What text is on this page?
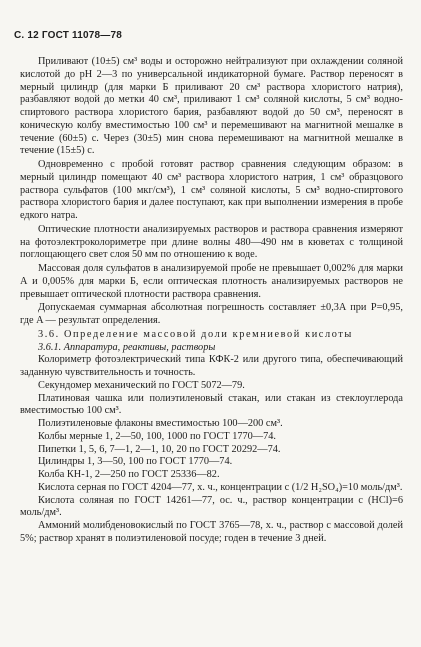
С. 12 ГОСТ 11078—78

Приливают (10±5) см³ воды и осторожно нейтрализуют при охлаждении соляной кислотой до рН 2—3 по универсальной индикаторной бумаге. Раствор переносят в мерный цилиндр (для марки Б приливают 20 см³ раствора хлористого натрия), разбавляют водой до метки 40 см³, приливают 1 см³ соляной кислоты, 5 см³ водно-спиртового раствора хлористого бария, разбавляют водой до 50 см³, переносят в коническую колбу вместимостью 100 см³ и перемешивают на магнитной мешалке в течение (60±5) с. Через (30±5) мин снова перемешивают на магнитной мешалке в течение (15±5) с.

Одновременно с пробой готовят раствор сравнения следующим образом: в мерный цилиндр помещают 40 см³ раствора хлористого натрия, 1 см³ образцового раствора сульфатов (100 мкг/см³), 1 см³ соляной кислоты, 5 см³ водно-спиртового раствора хлористого бария и далее поступают, как при выполнении измерения в пробе едкого натра.

Оптические плотности анализируемых растворов и раствора сравнения измеряют на фотоэлектроколориметре при длине волны 480—490 нм в кюветах с толщиной поглощающего свет слоя 50 мм по отношению к воде.

Массовая доля сульфатов в анализируемой пробе не превышает 0,002% для марки А и 0,005% для марки Б, если оптическая плотность анализируемых растворов не превышает оптической плотности раствора сравнения.

Допускаемая суммарная абсолютная погрешность составляет ±0,3A при P=0,95, где A — результат определения.

3.6. Определение массовой доли кремниевой кислоты

3.6.1. Аппаратура, реактивы, растворы

Колориметр фотоэлектрический типа КФК-2 или другого типа, обеспечивающий заданную чувствительность и точность.

Секундомер механический по ГОСТ 5072—79.

Платиновая чашка или полиэтиленовый стакан, или стакан из стеклоуглерода вместимостью 100 см³.

Полиэтиленовые флаконы вместимостью 100—200 см³.

Колбы мерные 1, 2—50, 100, 1000 по ГОСТ 1770—74.

Пипетки 1, 5, 6, 7—1, 2—1, 10, 20 по ГОСТ 20292—74.

Цилиндры 1, 3—50, 100 по ГОСТ 1770—74.

Колба КН-1, 2—250 по ГОСТ 25336—82.

Кислота серная по ГОСТ 4204—77, х. ч., концентрации c (1/2 H₂SO₄)=10 моль/дм³.

Кислота соляная по ГОСТ 14261—77, ос. ч., раствор концентрации c (HCl)=6 моль/дм³.

Аммоний молибденовокислый по ГОСТ 3765—78, х. ч., раствор с массовой долей 5%; раствор хранят в полиэтиленовой посуде; годен в течение 3 дней.
